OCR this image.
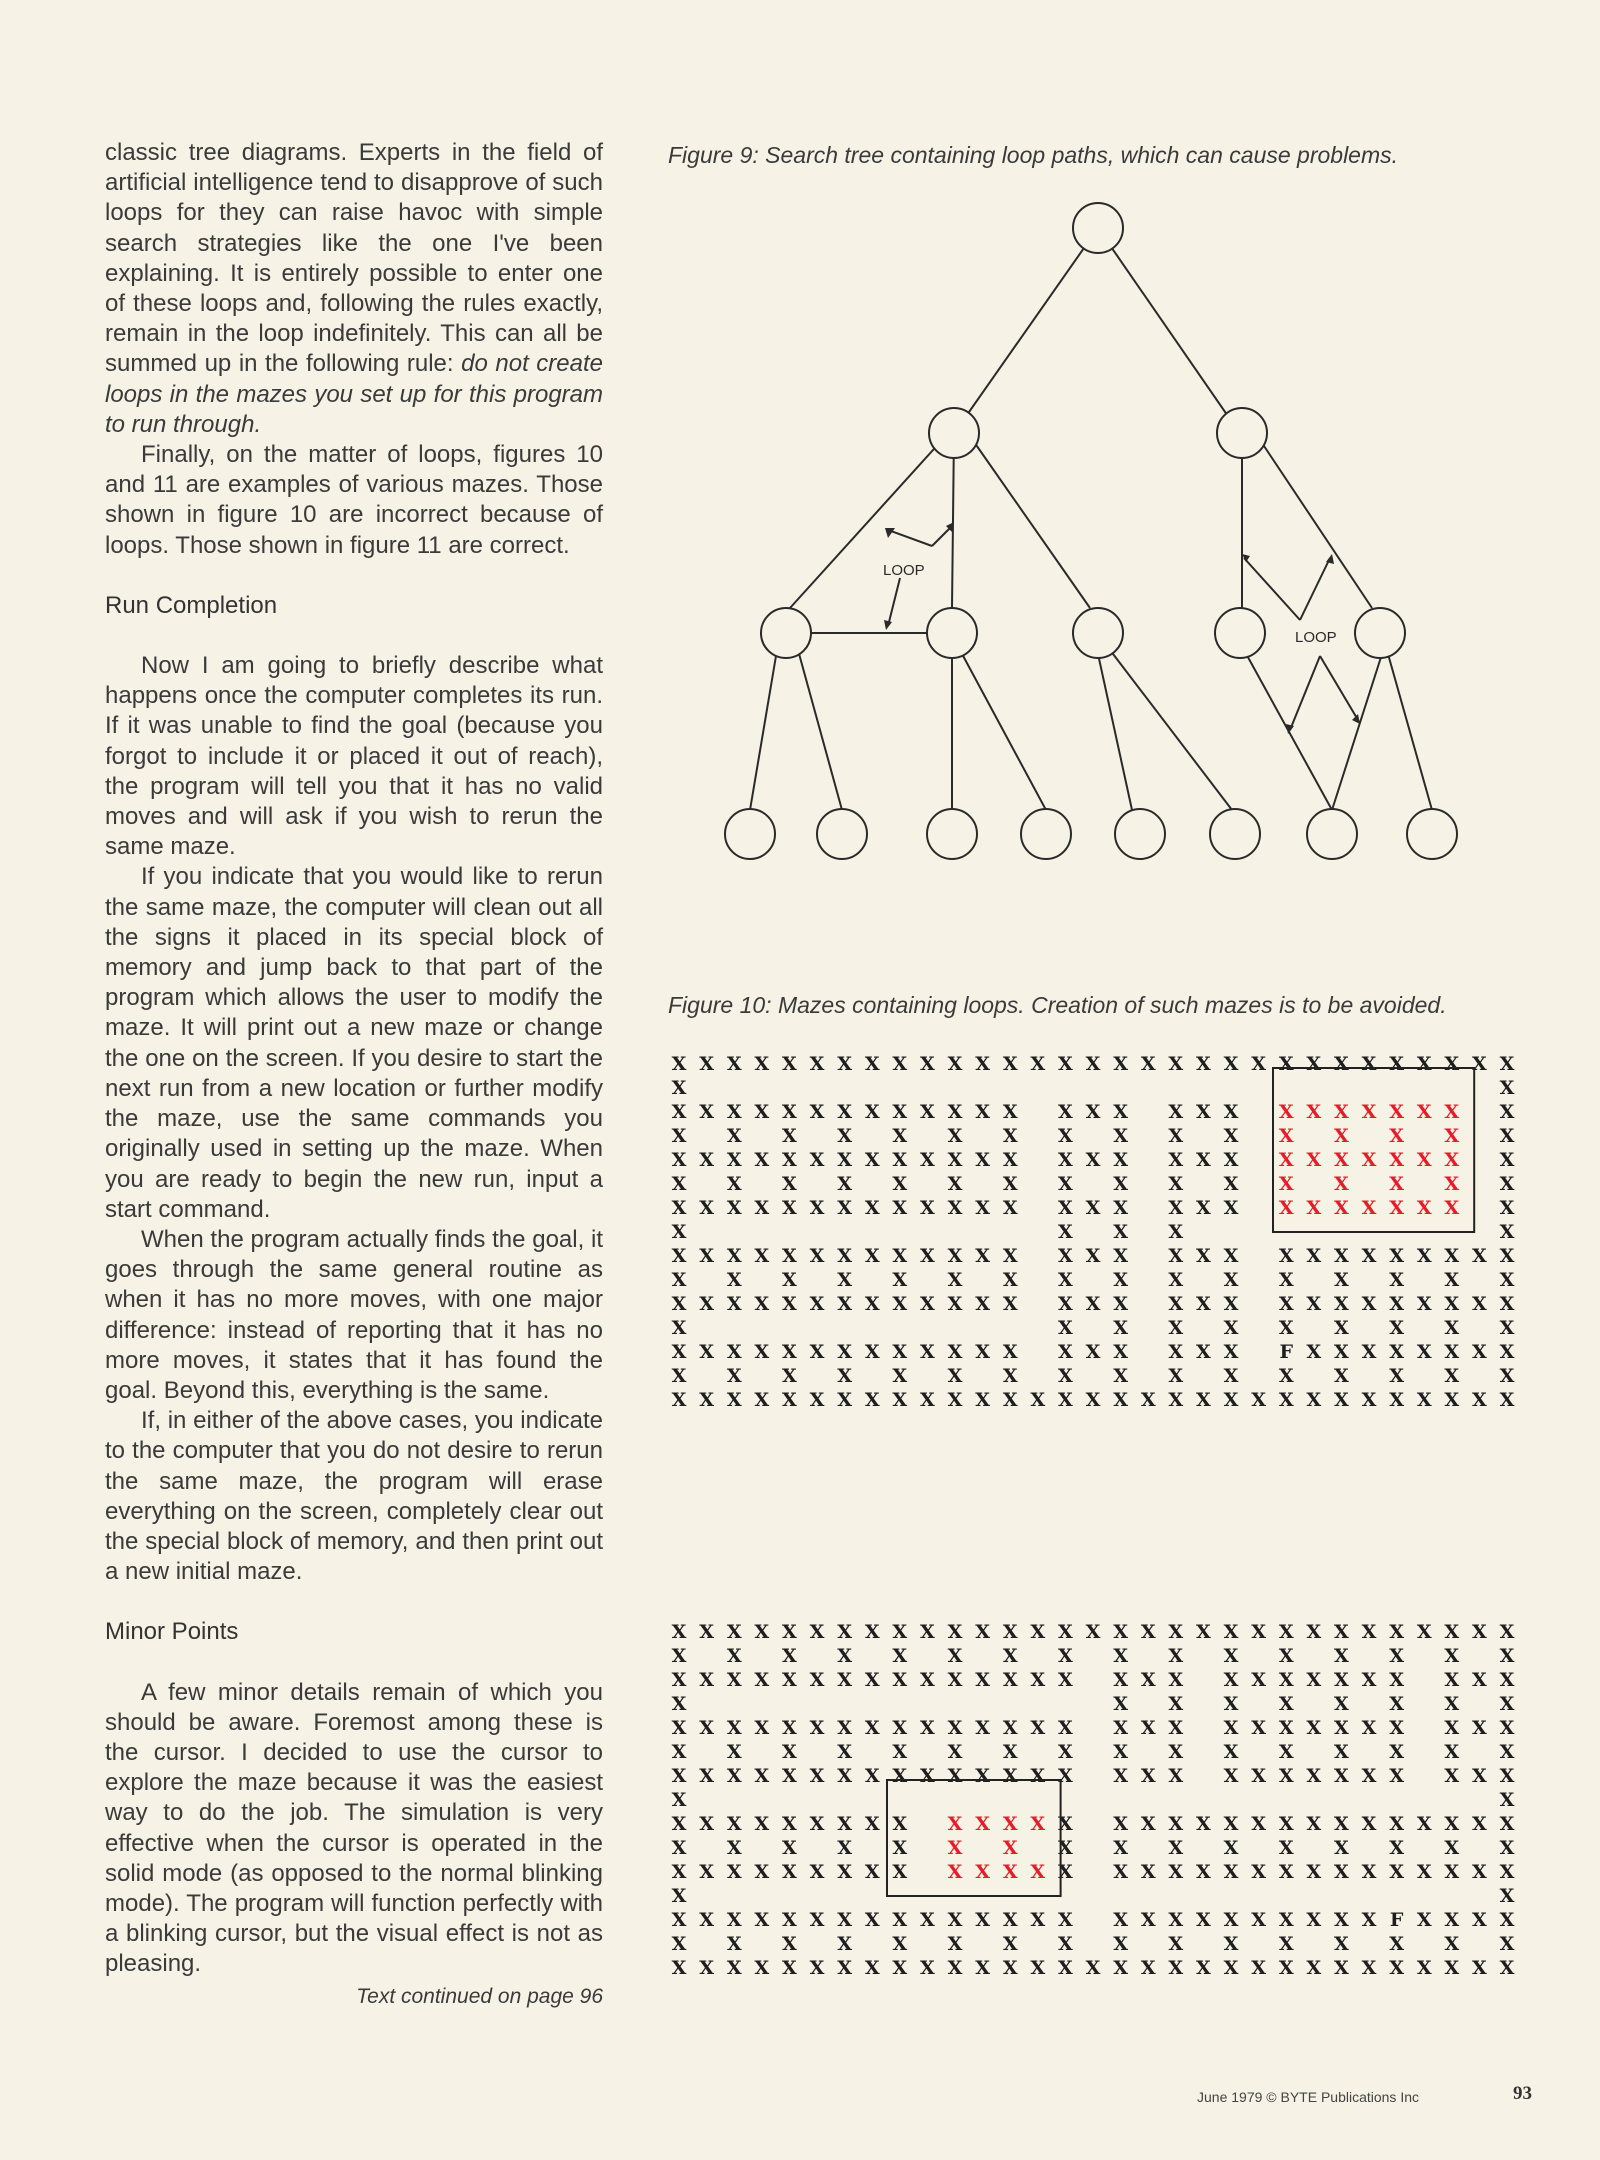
classic tree diagrams. Experts in the field of artificial intelligence tend to disapprove of such loops for they can raise havoc with simple search strategies like the one I've been explaining. It is entirely possible to enter one of these loops and, following the rules exactly, remain in the loop indefinitely. This can all be summed up in the following rule: do not create loops in the mazes you set up for this program to run through.

Finally, on the matter of loops, figures 10 and 11 are examples of various mazes. Those shown in figure 10 are incorrect because of loops. Those shown in figure 11 are correct.

Run Completion

Now I am going to briefly describe what happens once the computer completes its run. If it was unable to find the goal (because you forgot to include it or placed it out of reach), the program will tell you that it has no valid moves and will ask if you wish to rerun the same maze.

If you indicate that you would like to rerun the same maze, the computer will clean out all the signs it placed in its special block of memory and jump back to that part of the program which allows the user to modify the maze. It will print out a new maze or change the one on the screen. If you desire to start the next run from a new location or further modify the maze, use the same commands you originally used in setting up the maze. When you are ready to begin the new run, input a start command.

When the program actually finds the goal, it goes through the same general routine as when it has no more moves, with one major difference: instead of reporting that it has no more moves, it states that it has found the goal. Beyond this, everything is the same.

If, in either of the above cases, you indicate to the computer that you do not desire to rerun the same maze, the program will erase everything on the screen, completely clear out the special block of memory, and then print out a new initial maze.

Minor Points

A few minor details remain of which you should be aware. Foremost among these is the cursor. I decided to use the cursor to explore the maze because it was the easiest way to do the job. The simulation is very effective when the cursor is operated in the solid mode (as opposed to the normal blinking mode). The program will function perfectly with a blinking cursor, but the visual effect is not as pleasing.

Text continued on page 96
Figure 9: Search tree containing loop paths, which can cause problems.
LOOP
LOOP
Figure 10: Mazes containing loops. Creation of such mazes is to be avoided.
X X X X X X X X X X X X X X X X X X X X X X X X X X X X X X X
X	X
X X X X X X X X X X X X X X X X X X X X X X X X X X X
X X X X X X X X X X X X X X X X
X X X X X X X X X X X X X X X X X X X X X X X X X X X
X X X X X X X X X X X X X X X X
X X X X X X X X X X X X X X X X X X X X X X X X X X X
X	X X X	X
X X X X X X X X X X X X X X X X X X X X X X X X X X X X
X X X X X X X X X X X X X X X X
X X X X X X X X X X X X X X X X X X X X X X X X X X X X
X	X X X X X X X X X
X X X X X X X X X X X X X X X X X X X F X X X X X X X X
X X X X X X X X X X X X X X X X
X X X X X X X X X X X X X X X X X X X X X X X X X X X X X X X
X X X X X X X X X X X X X X X X X X X X X X X X X X X X X X X
X X X X X X X X X X X X X X X X
X X X X X X X X X X X X X X X X X X X X X X X X X X X X
X	X X X X X X X X
X X X X X X X X X X X X X X X X X X X X X X X X X X X X
X X X X X X X X X X X X X X X X
X X X X X X X X X X X X X X X X X X X X X X X X X X X X
X	X
X X X X X X X X X X X X X X X X X X X X X X X X X X X X X
X X X X X X X X X X X X X X X X
X X X X X X X X X X X X X X X X X X X X X X X X X X X X X
X	X
X X X X X X X X X X X X X X X X X X X X X X X X X F X X X X
X X X X X X X X X X X X X X X X
X X X X X X X X X X X X X X X X X X X X X X X X X X X X X X X
June 1979 © BYTE Publications Inc	93
